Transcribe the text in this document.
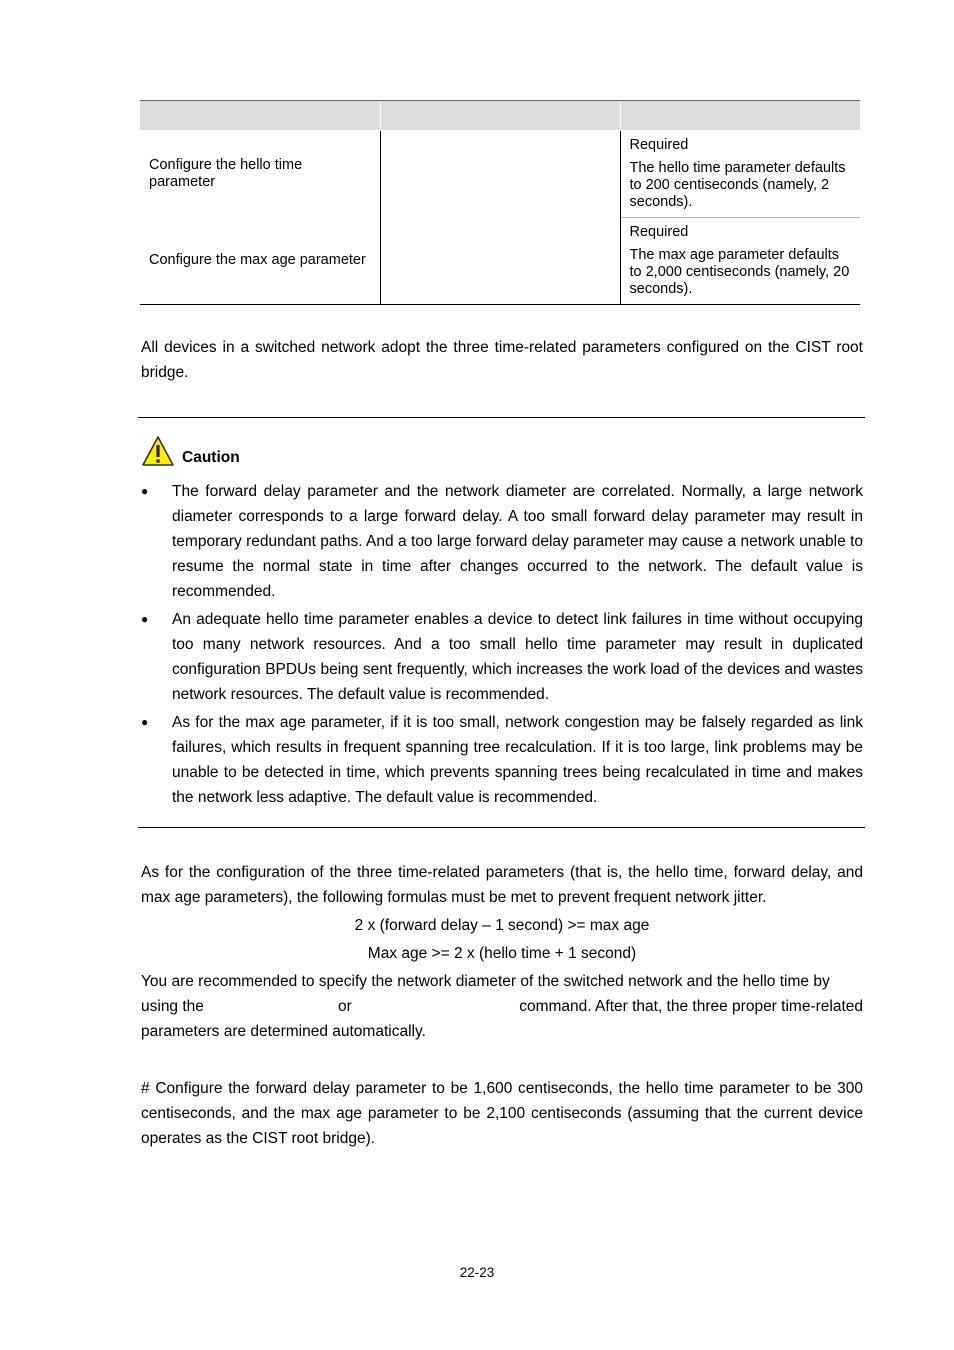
Configure the hello time parameter		Required
The hello time parameter defaults to 200 centiseconds (namely, 2 seconds).

Configure the max age parameter		Required
The max age parameter defaults to 2,000 centiseconds (namely, 20 seconds).

All devices in a switched network adopt the three time-related parameters configured on the CIST root bridge.

Caution
● The forward delay parameter and the network diameter are correlated. Normally, a large network diameter corresponds to a large forward delay. A too small forward delay parameter may result in temporary redundant paths. And a too large forward delay parameter may cause a network unable to resume the normal state in time after changes occurred to the network. The default value is recommended.
● An adequate hello time parameter enables a device to detect link failures in time without occupying too many network resources. And a too small hello time parameter may result in duplicated configuration BPDUs being sent frequently, which increases the work load of the devices and wastes network resources. The default value is recommended.
● As for the max age parameter, if it is too small, network congestion may be falsely regarded as link failures, which results in frequent spanning tree recalculation. If it is too large, link problems may be unable to be detected in time, which prevents spanning trees being recalculated in time and makes the network less adaptive. The default value is recommended.

As for the configuration of the three time-related parameters (that is, the hello time, forward delay, and max age parameters), the following formulas must be met to prevent frequent network jitter.

2 x (forward delay – 1 second) >= max age
Max age >= 2 x (hello time + 1 second)

You are recommended to specify the network diameter of the switched network and the hello time by

using the	or	command. After that, the three proper time-related

parameters are determined automatically.

# Configure the forward delay parameter to be 1,600 centiseconds, the hello time parameter to be 300 centiseconds, and the max age parameter to be 2,100 centiseconds (assuming that the current device operates as the CIST root bridge).

22-23
